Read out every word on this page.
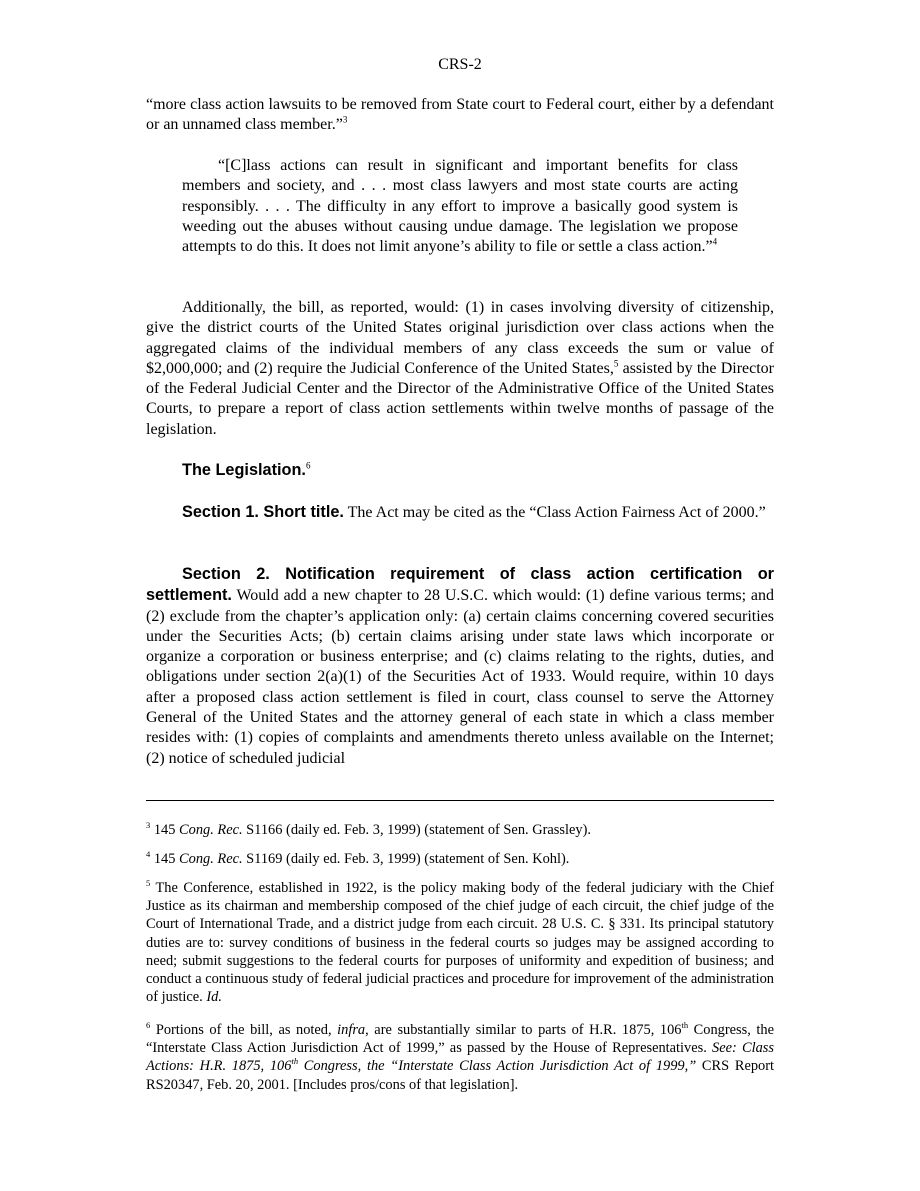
CRS-2

“more class action lawsuits to be removed from State court to Federal court, either by a defendant or an unnamed class member.”$^3$

“[C]lass actions can result in significant and important benefits for class members and society, and . . . most class lawyers and most state courts are acting responsibly. . . . The difficulty in any effort to improve a basically good system is weeding out the abuses without causing undue damage. The legislation we propose attempts to do this. It does not limit anyone’s ability to file or settle a class action.”$^4$

Additionally, the bill, as reported, would: (1) in cases involving diversity of citizenship, give the district courts of the United States original jurisdiction over class actions when the aggregated claims of the individual members of any class exceeds the sum or value of $2,000,000; and (2) require the Judicial Conference of the United States,$^5$ assisted by the Director of the Federal Judicial Center and the Director of the Administrative Office of the United States Courts, to prepare a report of class action settlements within twelve months of passage of the legislation.

The Legislation.$^6$

Section 1. Short title. The Act may be cited as the “Class Action Fairness Act of 2000.”

Section 2. Notification requirement of class action certification or settlement. Would add a new chapter to 28 U.S.C. which would: (1) define various terms; and (2) exclude from the chapter’s application only: (a) certain claims concerning covered securities under the Securities Acts; (b) certain claims arising under state laws which incorporate or organize a corporation or business enterprise; and (c) claims relating to the rights, duties, and obligations under section 2(a)(1) of the Securities Act of 1933. Would require, within 10 days after a proposed class action settlement is filed in court, class counsel to serve the Attorney General of the United States and the attorney general of each state in which a class member resides with: (1) copies of complaints and amendments thereto unless available on the Internet; (2) notice of scheduled judicial

$^3$ 145 Cong. Rec. S1166 (daily ed. Feb. 3, 1999) (statement of Sen. Grassley).

$^4$ 145 Cong. Rec. S1169 (daily ed. Feb. 3, 1999) (statement of Sen. Kohl).

$^5$ The Conference, established in 1922, is the policy making body of the federal judiciary with the Chief Justice as its chairman and membership composed of the chief judge of each circuit, the chief judge of the Court of International Trade, and a district judge from each circuit. 28 U.S. C. § 331. Its principal statutory duties are to: survey conditions of business in the federal courts so judges may be assigned according to need; submit suggestions to the federal courts for purposes of uniformity and expedition of business; and conduct a continuous study of federal judicial practices and procedure for improvement of the administration of justice. Id.

$^6$ Portions of the bill, as noted, infra, are substantially similar to parts of H.R. 1875, 106th Congress, the “Interstate Class Action Jurisdiction Act of 1999,” as passed by the House of Representatives. See: Class Actions: H.R. 1875, 106th Congress, the “Interstate Class Action Jurisdiction Act of 1999,” CRS Report RS20347, Feb. 20, 2001. [Includes pros/cons of that legislation].
